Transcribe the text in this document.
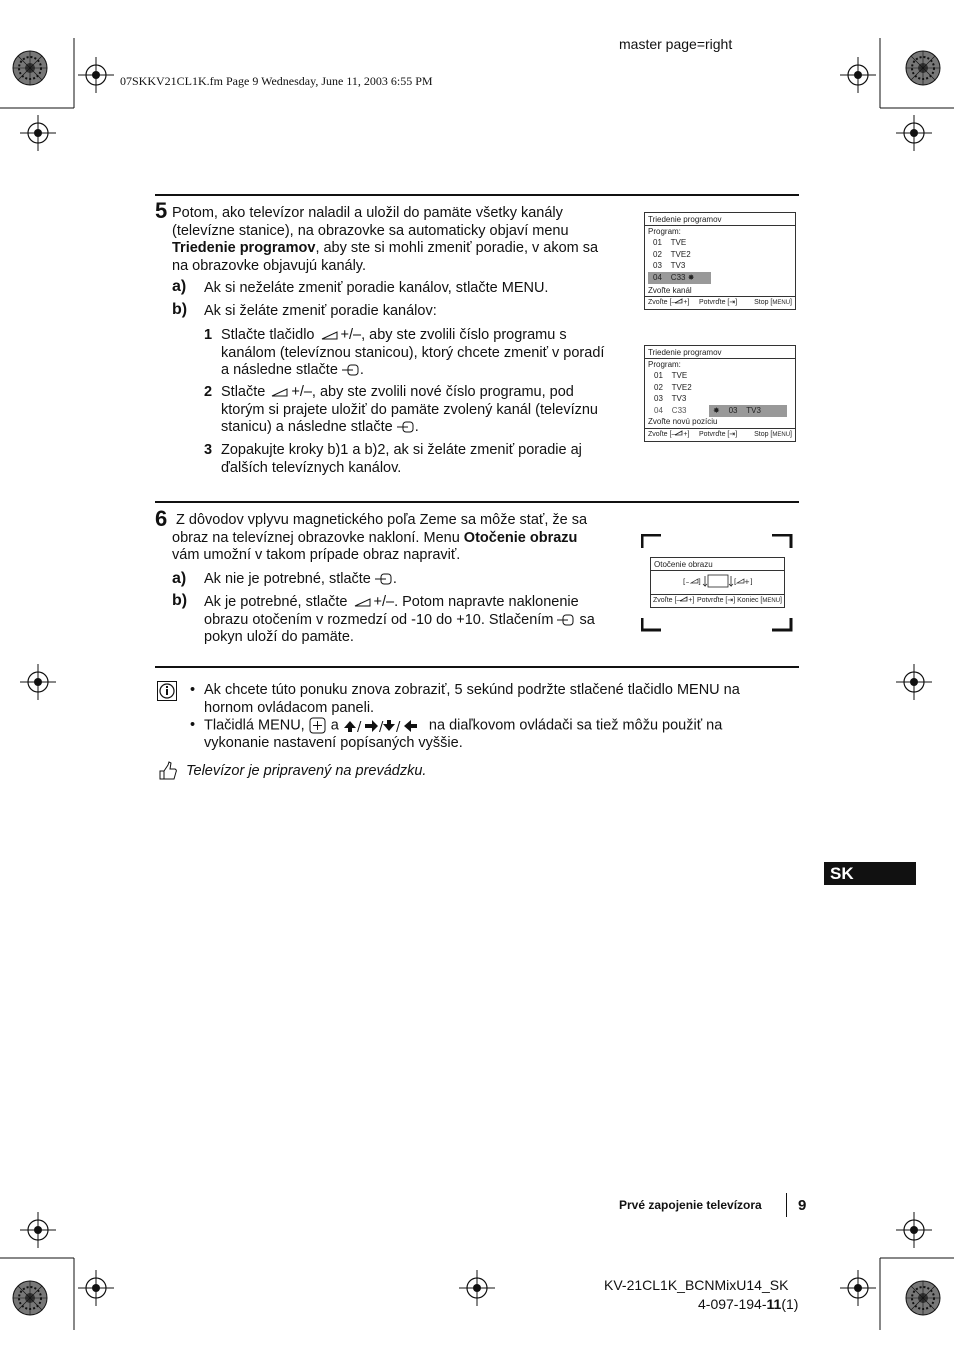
master page=right
07SKKV21CL1K.fm Page 9 Wednesday, June 11, 2003 6:55 PM
5 Potom, ako televízor naladil a uložil do pamäte všetky kanály
(televízne stanice), na obrazovke sa automaticky objaví menu
Triedenie programov, aby ste si mohli zmeniť poradie, v akom sa
na obrazovke objavujú kanály.
a) Ak si neželáte zmeniť poradie kanálov, stlačte MENU.
b) Ak si želáte zmeniť poradie kanálov:
1 Stlačte tlačidlo +/–, aby ste zvolili číslo programu s
kanálom (televíznou stanicou), ktorý chcete zmeniť v poradí
a následne stlačte .
2 Stlačte +/–, aby ste zvolili nové číslo programu, pod
ktorým si prajete uložiť do pamäte zvolený kanál (televíznu
stanicu) a následne stlačte .
3 Zopakujte kroky b)1 a b)2, ak si želáte zmeniť poradie aj
ďalších televíznych kanálov.
Triedenie programov
Program:
01    TVE
02    TVE2
03    TV3
04    C33 ✸
Zvoľte kanál
Zvoľte [– +] Potvrďte [⇥] Stop [MENU]
Triedenie programov
Program:
01    TVE
02    TVE2
03    TV3
04    C33	✸ 03    TV3
Zvoľte novú pozíciu
Zvoľte [– +] Potvrďte [⇥] Stop [MENU]
6 Z dôvodov vplyvu magnetického poľa Zeme sa môže stať, že sa
obraz na televíznej obrazovke nakloní. Menu Otočenie obrazu
vám umožní v takom prípade obraz napraviť.
a) Ak nie je potrebné, stlačte .
b) Ak je potrebné, stlačte +/–. Potom napravte naklonenie
obrazu otočením v rozmedzí od -10 do +10. Stlačením sa
pokyn uloží do pamäte.
Otočenie obrazu
[– ]	[ +]
Zvoľte [– +] Potvrďte [⇥] Koniec [MENU]
• Ak chcete túto ponuku znova zobraziť, 5 sekúnd podržte stlačené tlačidlo MENU na
hornom ovládacom paneli.
• Tlačidlá MENU, a / / / na diaľkovom ovládači sa tiež môžu použiť na
vykonanie nastavení popísaných vyššie.
Televízor je pripravený na prevádzku.
SK
Prvé zapojenie televízora 9
KV-21CL1K_BCNMixU14_SK
4-097-194-11(1)
